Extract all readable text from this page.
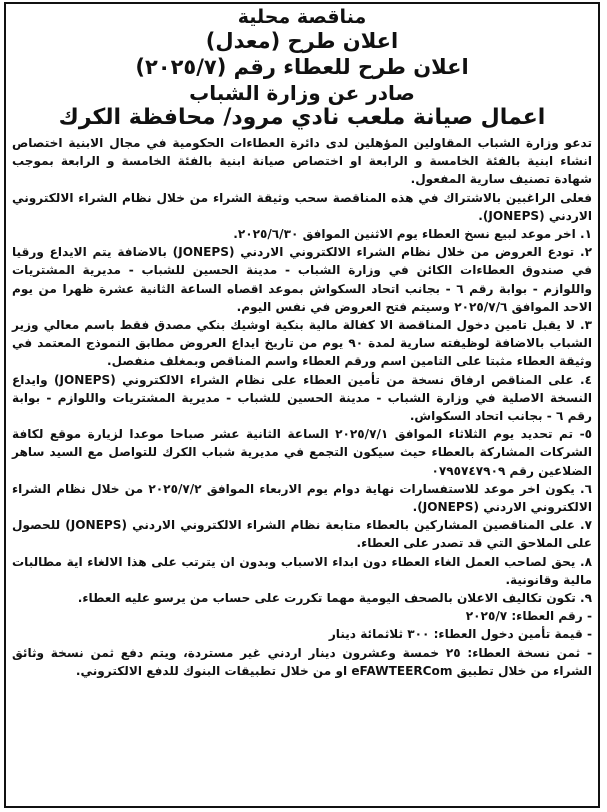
مناقصة محلية
اعلان طرح (معدل)
اعلان طرح للعطاء رقم (٢٠٢٥/٧)
صادر عن وزارة الشباب
اعمال صيانة ملعب نادي مرود/ محافظة الكرك

تدعو وزارة الشباب المقاولين المؤهلين لدى دائرة العطاءات الحكومية في مجال الابنية اختصاص انشاء ابنية بالفئة الخامسة و الرابعة او اختصاص صيانة ابنية بالفئة الخامسة و الرابعة بموجب شهادة تصنيف سارية المفعول.

فعلى الراغبين بالاشتراك في هذه المناقصة سحب وثيقة الشراء من خلال نظام الشراء الالكتروني الاردني (JONEPS).

١. اخر موعد لبيع نسخ العطاء يوم الاثنين الموافق ٢٠٢٥/٦/٣٠.
٢. تودع العروض من خلال نظام الشراء الالكتروني الاردني (JONEPS) بالاضافة يتم الايداع ورقيا في صندوق العطاءات الكائن في وزارة الشباب - مدينة الحسين للشباب - مديرية المشتريات واللوازم - بوابة رقم ٦ - بجانب اتحاد السكواش بموعد اقصاه الساعة الثانية عشرة ظهرا من يوم الاحد الموافق ٢٠٢٥/٧/٦ وسيتم فتح العروض في نفس اليوم.
٣. لا يقبل تامين دخول المناقصة الا كفالة مالية بنكية اوشيك بنكي مصدق فقط باسم معالي وزير الشباب بالاضافة لوظيفته سارية لمدة ٩٠ يوم من تاريخ ايداع العروض مطابق النموذج المعتمد في وثيقة العطاء مثبتا على التامين اسم ورقم العطاء واسم المناقص وبمغلف منفصل.
٤. على المناقص ارفاق نسخة من تأمين العطاء على نظام الشراء الالكتروني (JONEPS) وايداع النسخة الاصلية في وزارة الشباب - مدينة الحسين للشباب - مديرية المشتريات واللوازم - بوابة رقم ٦ - بجانب اتحاد السكواش.
٥- تم تحديد يوم الثلاثاء الموافق ٢٠٢٥/٧/١ الساعة الثانية عشر صباحا موعدا لزيارة موقع لكافة الشركات المشاركة بالعطاء حيث سيكون التجمع في مديرية شباب الكرك للتواصل مع السيد ساهر الضلاعين رقم ٠٧٩٥٧٤٧٩٠٩
٦. يكون اخر موعد للاستفسارات نهاية دوام يوم الاربعاء الموافق ٢٠٢٥/٧/٢ من خلال نظام الشراء الالكتروني الاردني (JONEPS).
٧. على المناقصين المشاركين بالعطاء متابعة نظام الشراء الالكتروني الاردني (JONEPS) للحصول على الملاحق التي قد تصدر على العطاء.
٨. يحق لصاحب العمل الغاء العطاء دون ابداء الاسباب وبدون ان يترتب على هذا الالغاء اية مطالبات مالية وقانونية.
٩. تكون تكاليف الاعلان بالصحف اليومية مهما تكررت على حساب من يرسو عليه العطاء.
- رقم العطاء: ٢٠٢٥/٧
- قيمة تأمين دخول العطاء: ٣٠٠ ثلاثمائة دينار
- ثمن نسخة العطاء: ٢٥ خمسة وعشرون دينار اردني غير مستردة، ويتم دفع ثمن نسخة وثائق الشراء من خلال تطبيق eFAWTEERCom او من خلال تطبيقات البنوك للدفع الالكتروني.
